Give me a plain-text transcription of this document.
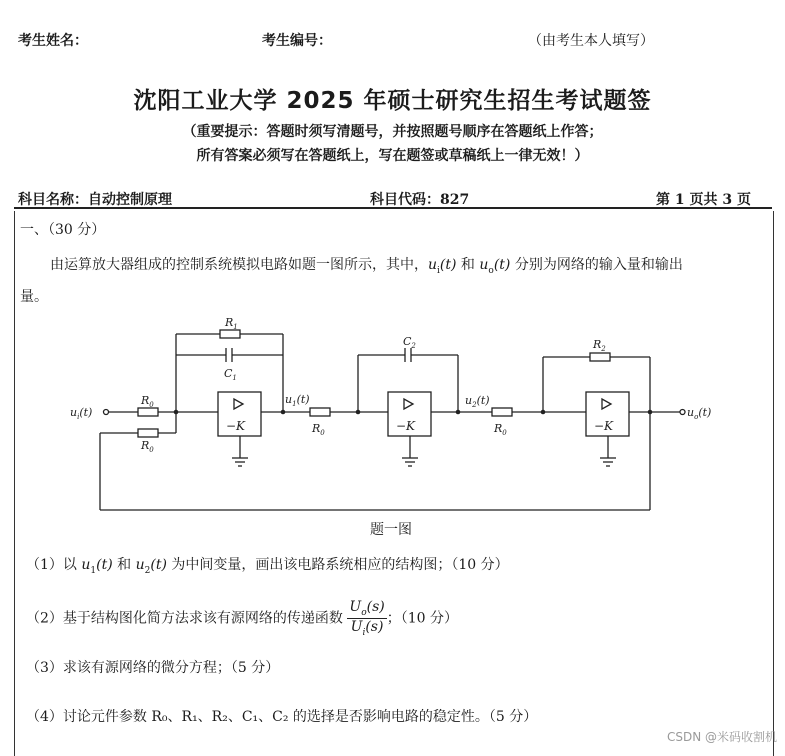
考生姓名：	考生编号：	（由考生本人填写）
沈阳工业大学 2025 年硕士研究生招生考试题签
（重要提示：答题时须写清题号，并按照题号顺序在答题纸上作答；
所有答案必须写在答题纸上，写在题签或草稿纸上一律无效！）
科目名称：自动控制原理	科目代码：827	第 1 页共 3 页
一、（30 分）
由运算放大器组成的控制系统模拟电路如题一图所示，其中，$u_i(t)$ 和 $u_o(t)$ 分别为网络的输入量和输出
量。
$u_i(t)$
$R_0$
$R_0$
$R_1$
$C_1$
$u_1(t)$
$R_0$
$C_2$
$u_2(t)$
$R_0$
$R_2$
$u_o(t)$
−K	−K	−K
题一图
（1）以 $u_1(t)$ 和 $u_2(t)$ 为中间变量，画出该电路系统相应的结构图；（10 分）
（2）基于结构图化简方法求该有源网络的传递函数 $\frac{U_o(s)}{U_i(s)}$ ；（10 分）
（3）求该有源网络的微分方程；（5 分）
（4）讨论元件参数 R₀、R₁、R₂、C₁、C₂ 的选择是否影响电路的稳定性。（5 分）
CSDN @米码收割机
